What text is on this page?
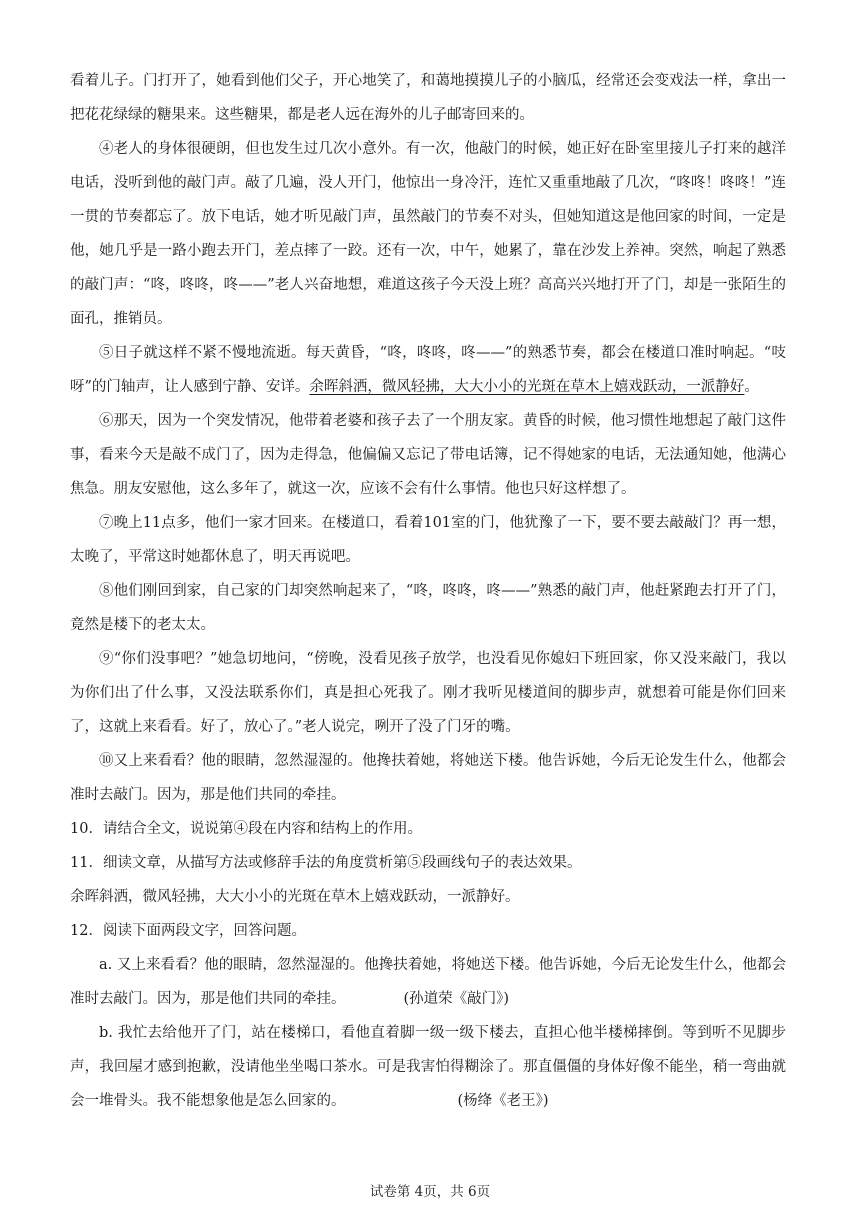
看着儿子。门打开了，她看到他们父子，开心地笑了，和蔼地摸摸儿子的小脑瓜，经常还会变戏法一样，拿出一把花花绿绿的糖果来。这些糖果，都是老人远在海外的儿子邮寄回来的。

④老人的身体很硬朗，但也发生过几次小意外。有一次，他敲门的时候，她正好在卧室里接儿子打来的越洋电话，没听到他的敲门声。敲了几遍，没人开门，他惊出一身冷汗，连忙又重重地敲了几次，“咚咚！咚咚！”连一贯的节奏都忘了。放下电话，她才听见敲门声，虽然敲门的节奏不对头，但她知道这是他回家的时间，一定是他，她几乎是一路小跑去开门，差点摔了一跤。还有一次，中午，她累了，靠在沙发上养神。突然，响起了熟悉的敲门声：“咚，咚咚，咚——”老人兴奋地想，难道这孩子今天没上班？高高兴兴地打开了门，却是一张陌生的面孔，推销员。

⑤日子就这样不紧不慢地流逝。每天黄昏，“咚，咚咚，咚——”的熟悉节奏，都会在楼道口准时响起。“吱呀”的门轴声，让人感到宁静、安详。余晖斜洒，微风轻拂，大大小小的光斑在草木上嬉戏跃动，一派静好。

⑥那天，因为一个突发情况，他带着老婆和孩子去了一个朋友家。黄昏的时候，他习惯性地想起了敲门这件事，看来今天是敲不成门了，因为走得急，他偏偏又忘记了带电话簿，记不得她家的电话，无法通知她，他满心焦急。朋友安慰他，这么多年了，就这一次，应该不会有什么事情。他也只好这样想了。

⑦晚上11点多，他们一家才回来。在楼道口，看着101室的门，他犹豫了一下，要不要去敲敲门？再一想，太晚了，平常这时她都休息了，明天再说吧。

⑧他们刚回到家，自己家的门却突然响起来了，“咚，咚咚，咚——”熟悉的敲门声，他赶紧跑去打开了门，竟然是楼下的老太太。

⑨“你们没事吧？”她急切地问，“傍晚，没看见孩子放学，也没看见你媳妇下班回家，你又没来敲门，我以为你们出了什么事，又没法联系你们，真是担心死我了。刚才我听见楼道间的脚步声，就想着可能是你们回来了，这就上来看看。好了，放心了。”老人说完，咧开了没了门牙的嘴。

⑩又上来看看？他的眼睛，忽然湿湿的。他搀扶着她，将她送下楼。他告诉她，今后无论发生什么，他都会准时去敲门。因为，那是他们共同的牵挂。

10．请结合全文，说说第④段在内容和结构上的作用。

11．细读文章，从描写方法或修辞手法的角度赏析第⑤段画线句子的表达效果。

余晖斜洒，微风轻拂，大大小小的光斑在草木上嬉戏跃动，一派静好。

12．阅读下面两段文字，回答问题。

a. 又上来看看？他的眼睛，忽然湿湿的。他搀扶着她，将她送下楼。他告诉她，今后无论发生什么，他都会准时去敲门。因为，那是他们共同的牵挂。	(孙道荣《敲门》)

b. 我忙去给他开了门，站在楼梯口，看他直着脚一级一级下楼去，直担心他半楼梯摔倒。等到听不见脚步声，我回屋才感到抱歉，没请他坐坐喝口茶水。可是我害怕得糊涂了。那直僵僵的身体好像不能坐，稍一弯曲就会一堆骨头。我不能想象他是怎么回家的。	(杨绛《老王》)

试卷第 4页，共 6页
